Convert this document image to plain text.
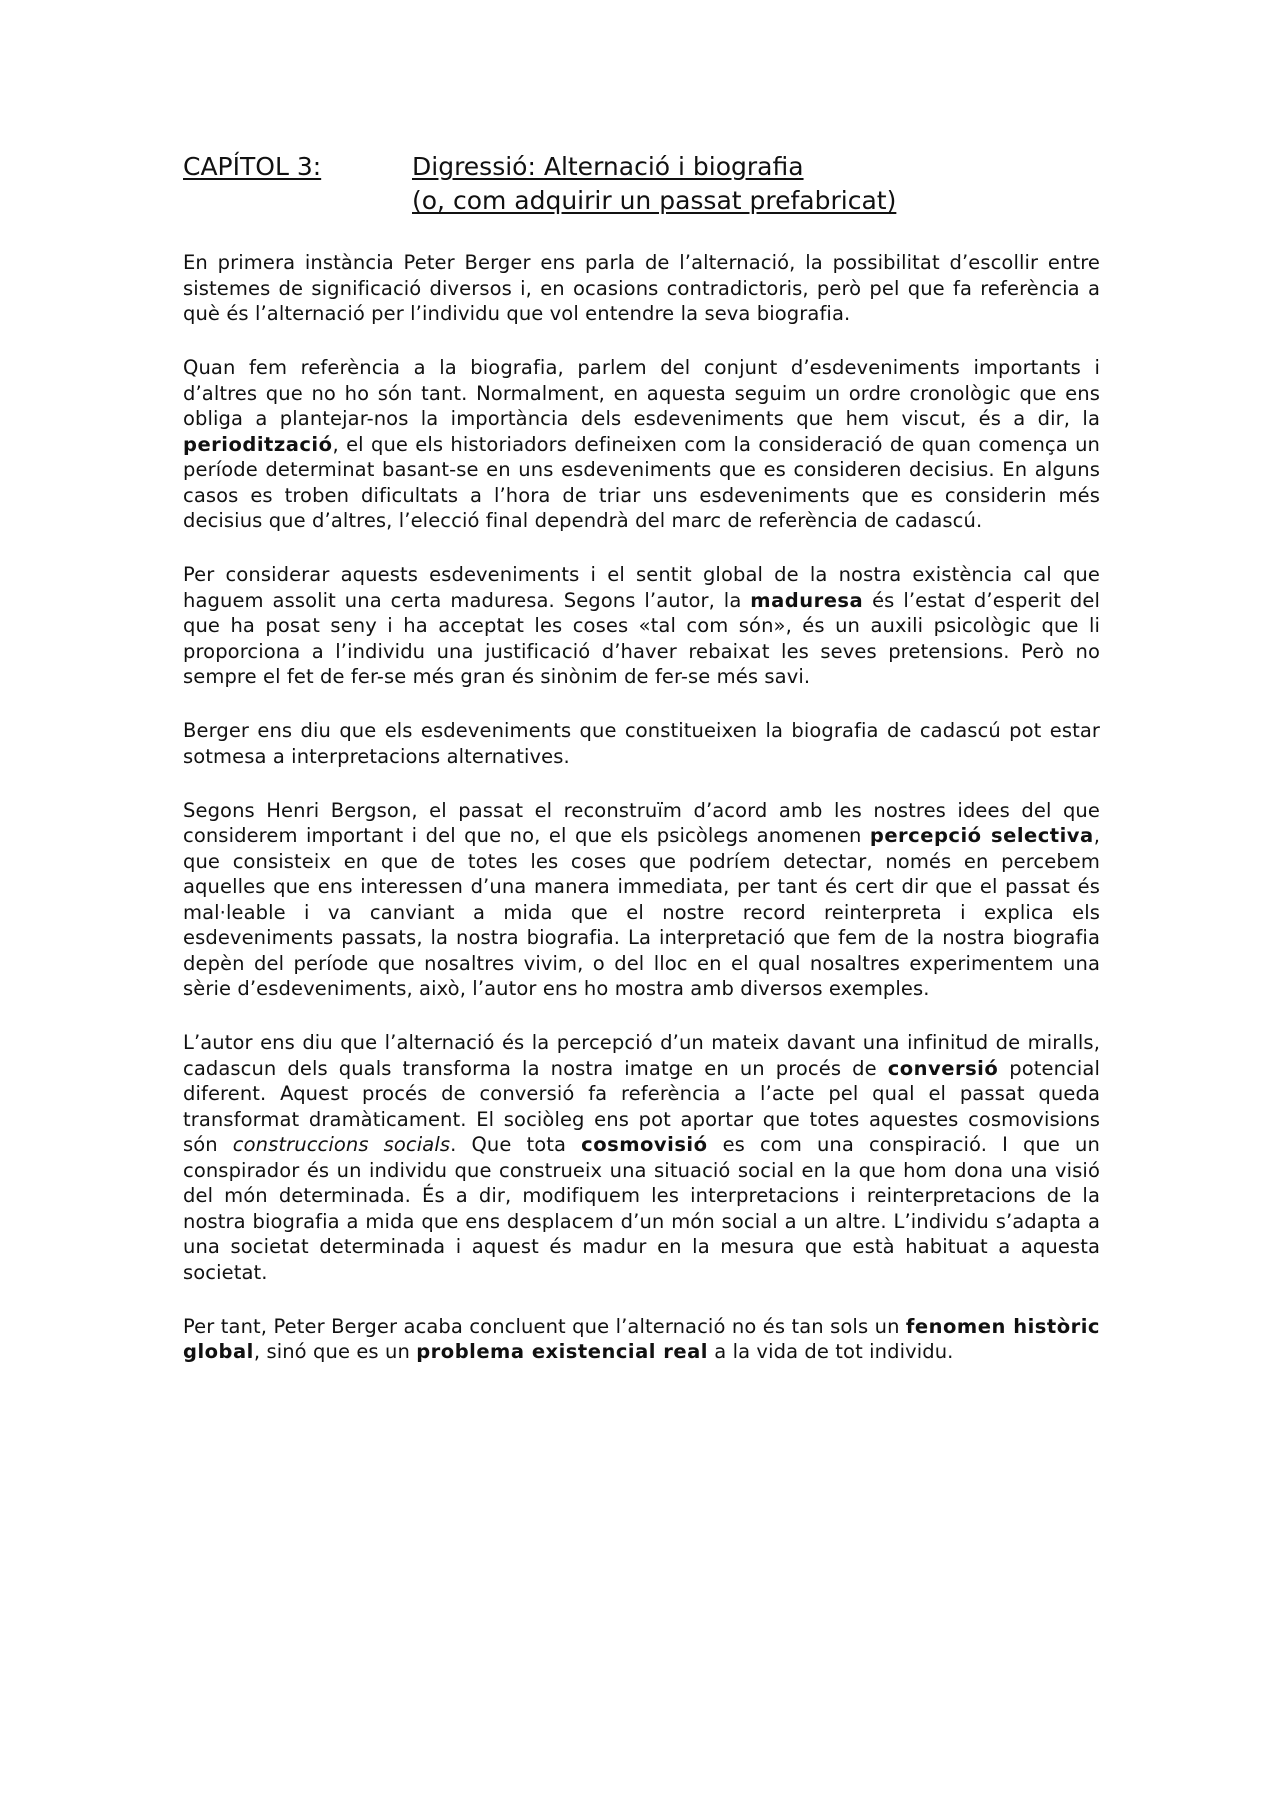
CAPÍTOL 3:	Digressió: Alternació i biografia
(o, com adquirir un passat prefabricat)

En primera instància Peter Berger ens parla de l’alternació, la possibilitat d’escollir entre sistemes de significació diversos i, en ocasions contradictoris, però pel que fa referència a què és l’alternació per l’individu que vol entendre la seva biografia.

Quan fem referència a la biografia, parlem del conjunt d’esdeveniments importants i d’altres que no ho són tant. Normalment, en aquesta seguim un ordre cronològic que ens obliga a plantejar-nos la importància dels esdeveniments que hem viscut, és a dir, la periodització, el que els historiadors defineixen com la consideració de quan comença un període determinat basant-se en uns esdeveniments que es consideren decisius. En alguns casos es troben dificultats a l’hora de triar uns esdeveniments que es considerin més decisius que d’altres, l’elecció final dependrà del marc de referència de cadascú.

Per considerar aquests esdeveniments i el sentit global de la nostra existència cal que haguem assolit una certa maduresa. Segons l’autor, la maduresa és l’estat d’esperit del que ha posat seny i ha acceptat les coses «tal com són», és un auxili psicològic que li proporciona a l’individu una justificació d’haver rebaixat les seves pretensions. Però no sempre el fet de fer-se més gran és sinònim de fer-se més savi.

Berger ens diu que els esdeveniments que constitueixen la biografia de cadascú pot estar sotmesa a interpretacions alternatives.

Segons Henri Bergson, el passat el reconstruïm d’acord amb les nostres idees del que considerem important i del que no, el que els psicòlegs anomenen percepció selectiva, que consisteix en que de totes les coses que podríem detectar, només en percebem aquelles que ens interessen d’una manera immediata, per tant és cert dir que el passat és mal·leable i va canviant a mida que el nostre record reinterpreta i explica els esdeveniments passats, la nostra biografia. La interpretació que fem de la nostra biografia depèn del període que nosaltres vivim, o del lloc en el qual nosaltres experimentem una sèrie d’esdeveniments, això, l’autor ens ho mostra amb diversos exemples.

L’autor ens diu que l’alternació és la percepció d’un mateix davant una infinitud de miralls, cadascun dels quals transforma la nostra imatge en un procés de conversió potencial diferent. Aquest procés de conversió fa referència a l’acte pel qual el passat queda transformat dramàticament. El sociòleg ens pot aportar que totes aquestes cosmovisions són construccions socials. Que tota cosmovisió es com una conspiració. I que un conspirador és un individu que construeix una situació social en la que hom dona una visió del món determinada. És a dir, modifiquem les interpretacions i reinterpretacions de la nostra biografia a mida que ens desplacem d’un món social a un altre. L’individu s’adapta a una societat determinada i aquest és madur en la mesura que està habituat a aquesta societat.

Per tant, Peter Berger acaba concluent que l’alternació no és tan sols un fenomen històric global, sinó que es un problema existencial real a la vida de tot individu.
